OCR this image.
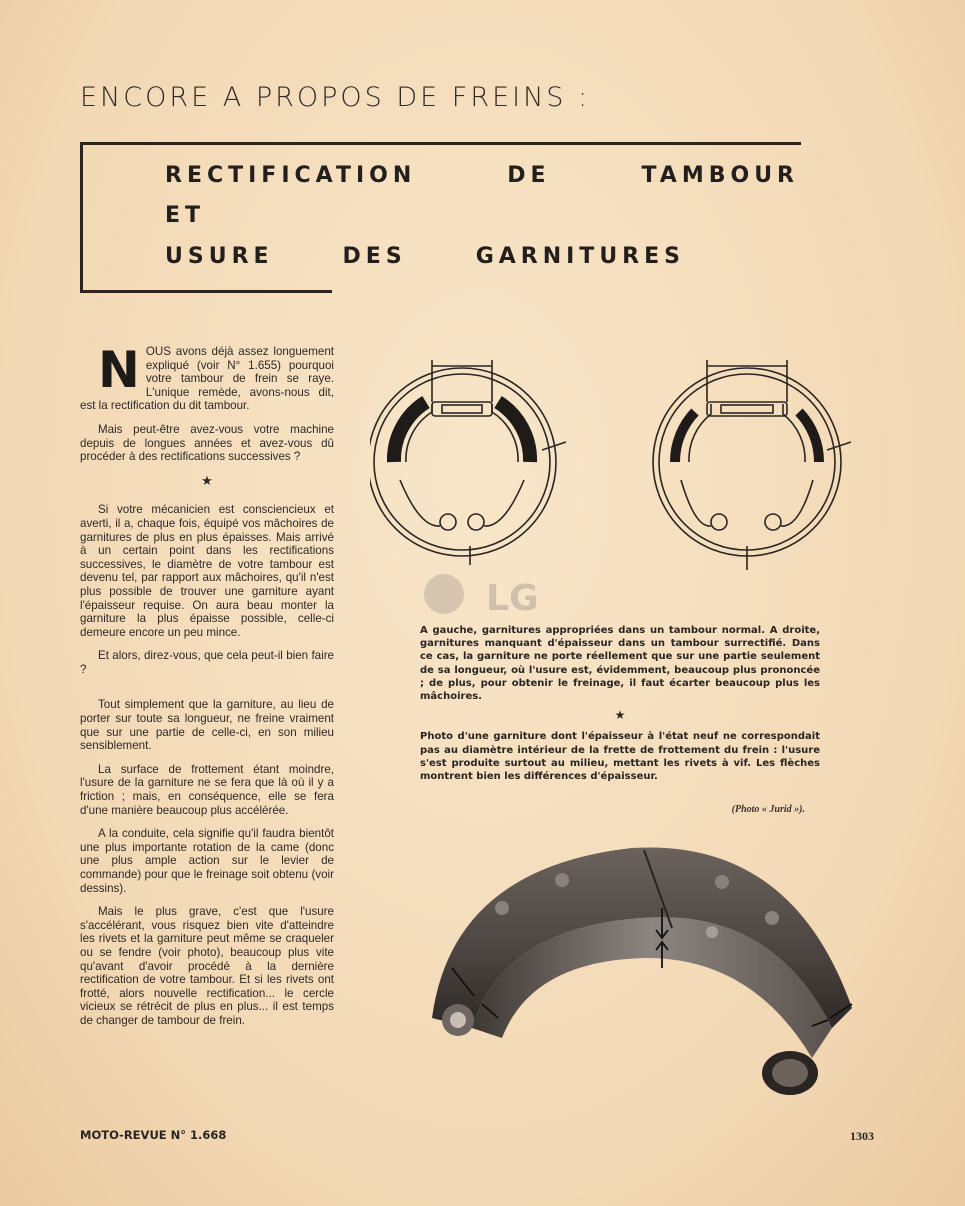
ENCORE A PROPOS DE FREINS :
RECTIFICATION	DE	TAMBOUR
ET
USURE	DES	GARNITURES

NOUS avons déjà assez longuement expliqué (voir N° 1.655) pourquoi votre tambour de frein se raye. L'unique remède, avons-nous dit, est la rectification du dit tambour.

Mais peut-être avez-vous votre machine depuis de longues années et avez-vous dû procéder à des rectifications successives ?

★

Si votre mécanicien est consciencieux et averti, il a, chaque fois, équipé vos mâchoires de garnitures de plus en plus épaisses. Mais arrivé à un certain point dans les rectifications successives, le diamètre de votre tambour est devenu tel, par rapport aux mâchoires, qu'il n'est plus possible de trouver une garniture ayant l'épaisseur requise. On aura beau monter la garniture la plus épaisse possible, celle-ci demeure encore un peu mince.

Et alors, direz-vous, que cela peut-il bien faire ?

Tout simplement que la garniture, au lieu de porter sur toute sa longueur, ne freine vraiment que sur une partie de celle-ci, en son milieu sensiblement.

La surface de frottement étant moindre, l'usure de la garniture ne se fera que là où il y a friction ; mais, en conséquence, elle se fera d'une manière beaucoup plus accélérée.

A la conduite, cela signifie qu'il faudra bientôt une plus importante rotation de la came (donc une plus ample action sur le levier de commande) pour que le freinage soit obtenu (voir dessins).

Mais le plus grave, c'est que l'usure s'accélérant, vous risquez bien vite d'atteindre les rivets et la garniture peut même se craqueler ou se fendre (voir photo), beaucoup plus vite qu'avant d'avoir procédé à la dernière rectification de votre tambour. Et si les rivets ont frotté, alors nouvelle rectification... le cercle vicieux se rétrécit de plus en plus... il est temps de changer de tambour de frein.

LG

A gauche, garnitures appropriées dans un tambour normal. A droite, garnitures manquant d'épaisseur dans un tambour surrectifié. Dans ce cas, la garniture ne porte réellement que sur une partie seulement de sa longueur, où l'usure est, évidemment, beaucoup plus prononcée ; de plus, pour obtenir le freinage, il faut écarter beaucoup plus les mâchoires.

★

Photo d'une garniture dont l'épaisseur à l'état neuf ne correspondait pas au diamètre intérieur de la frette de frottement du frein : l'usure s'est produite surtout au milieu, mettant les rivets à vif. Les flèches montrent bien les différences d'épaisseur.

(Photo « Jurid »).
MOTO-REVUE N° 1.668	1303
